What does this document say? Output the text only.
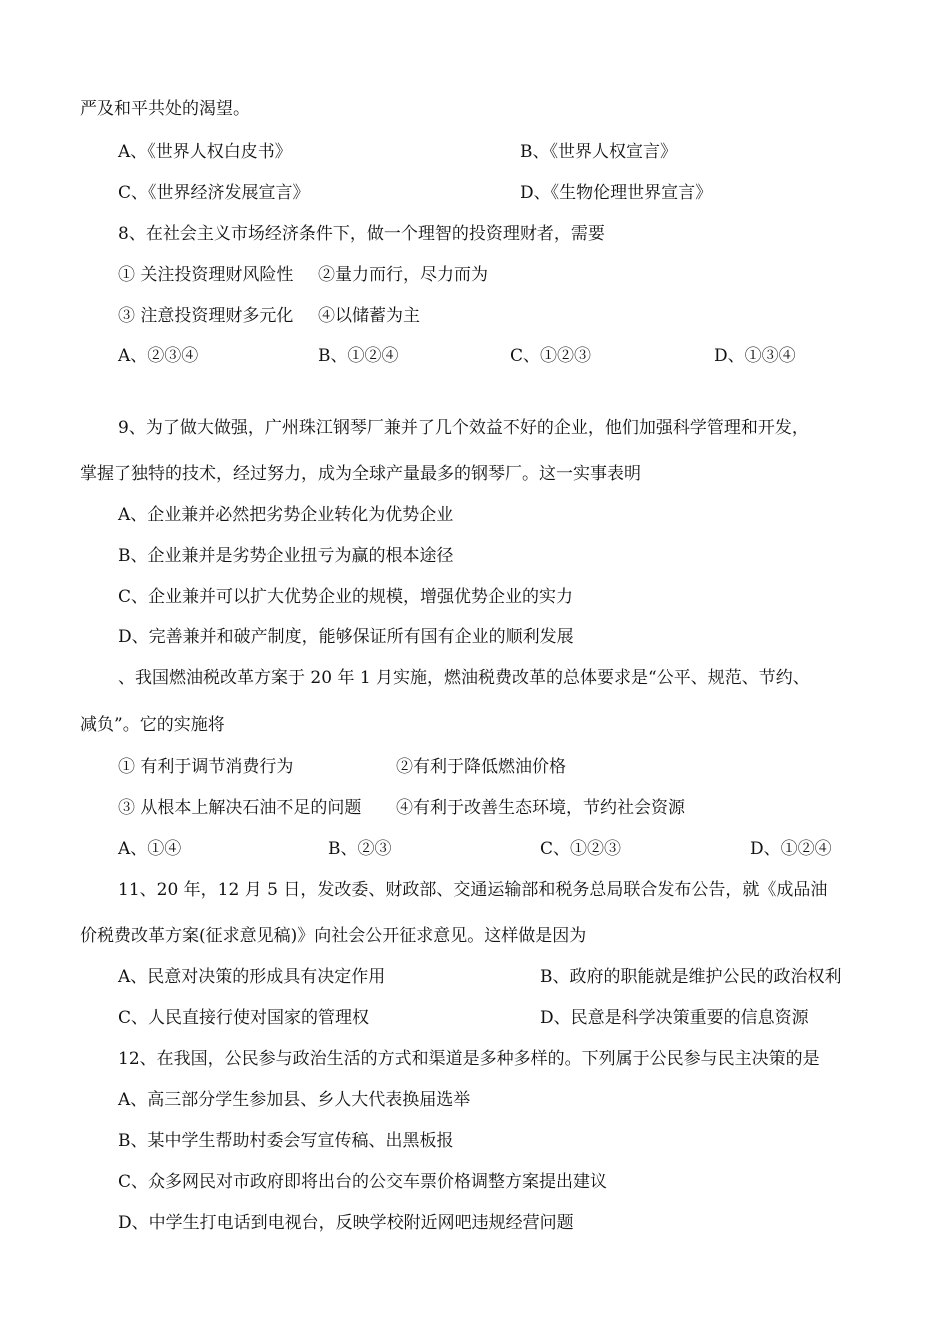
严及和平共处的渴望。
A、《世界人权白皮书》	B、《世界人权宣言》
C、《世界经济发展宣言》	D、《生物伦理世界宣言》
8、在社会主义市场经济条件下，做一个理智的投资理财者，需要
① 关注投资理财风险性 ②量力而行，尽力而为
③ 注意投资理财多元化 ④以储蓄为主
A、②③④	B、①②④	C、①②③	D、①③④
9、为了做大做强，广州珠江钢琴厂兼并了几个效益不好的企业，他们加强科学管理和开发，
掌握了独特的技术，经过努力，成为全球产量最多的钢琴厂。这一实事表明
A、企业兼并必然把劣势企业转化为优势企业
B、企业兼并是劣势企业扭亏为赢的根本途径
C、企业兼并可以扩大优势企业的规模，增强优势企业的实力
D、完善兼并和破产制度，能够保证所有国有企业的顺利发展
、我国燃油税改革方案于 20 年 1 月实施，燃油税费改革的总体要求是“公平、规范、节约、
减负”。它的实施将
① 有利于调节消费行为	②有利于降低燃油价格
③ 从根本上解决石油不足的问题 ④有利于改善生态环境，节约社会资源
A、①④	B、②③	C、①②③	D、①②④
11、20 年，12 月 5 日，发改委、财政部、交通运输部和税务总局联合发布公告，就《成品油
价税费改革方案(征求意见稿)》向社会公开征求意见。这样做是因为
A、民意对决策的形成具有决定作用	B、政府的职能就是维护公民的政治权利
C、人民直接行使对国家的管理权	D、民意是科学决策重要的信息资源
12、在我国，公民参与政治生活的方式和渠道是多种多样的。下列属于公民参与民主决策的是
A、高三部分学生参加县、乡人大代表换届选举
B、某中学生帮助村委会写宣传稿、出黑板报
C、众多网民对市政府即将出台的公交车票价格调整方案提出建议
D、中学生打电话到电视台，反映学校附近网吧违规经营问题
